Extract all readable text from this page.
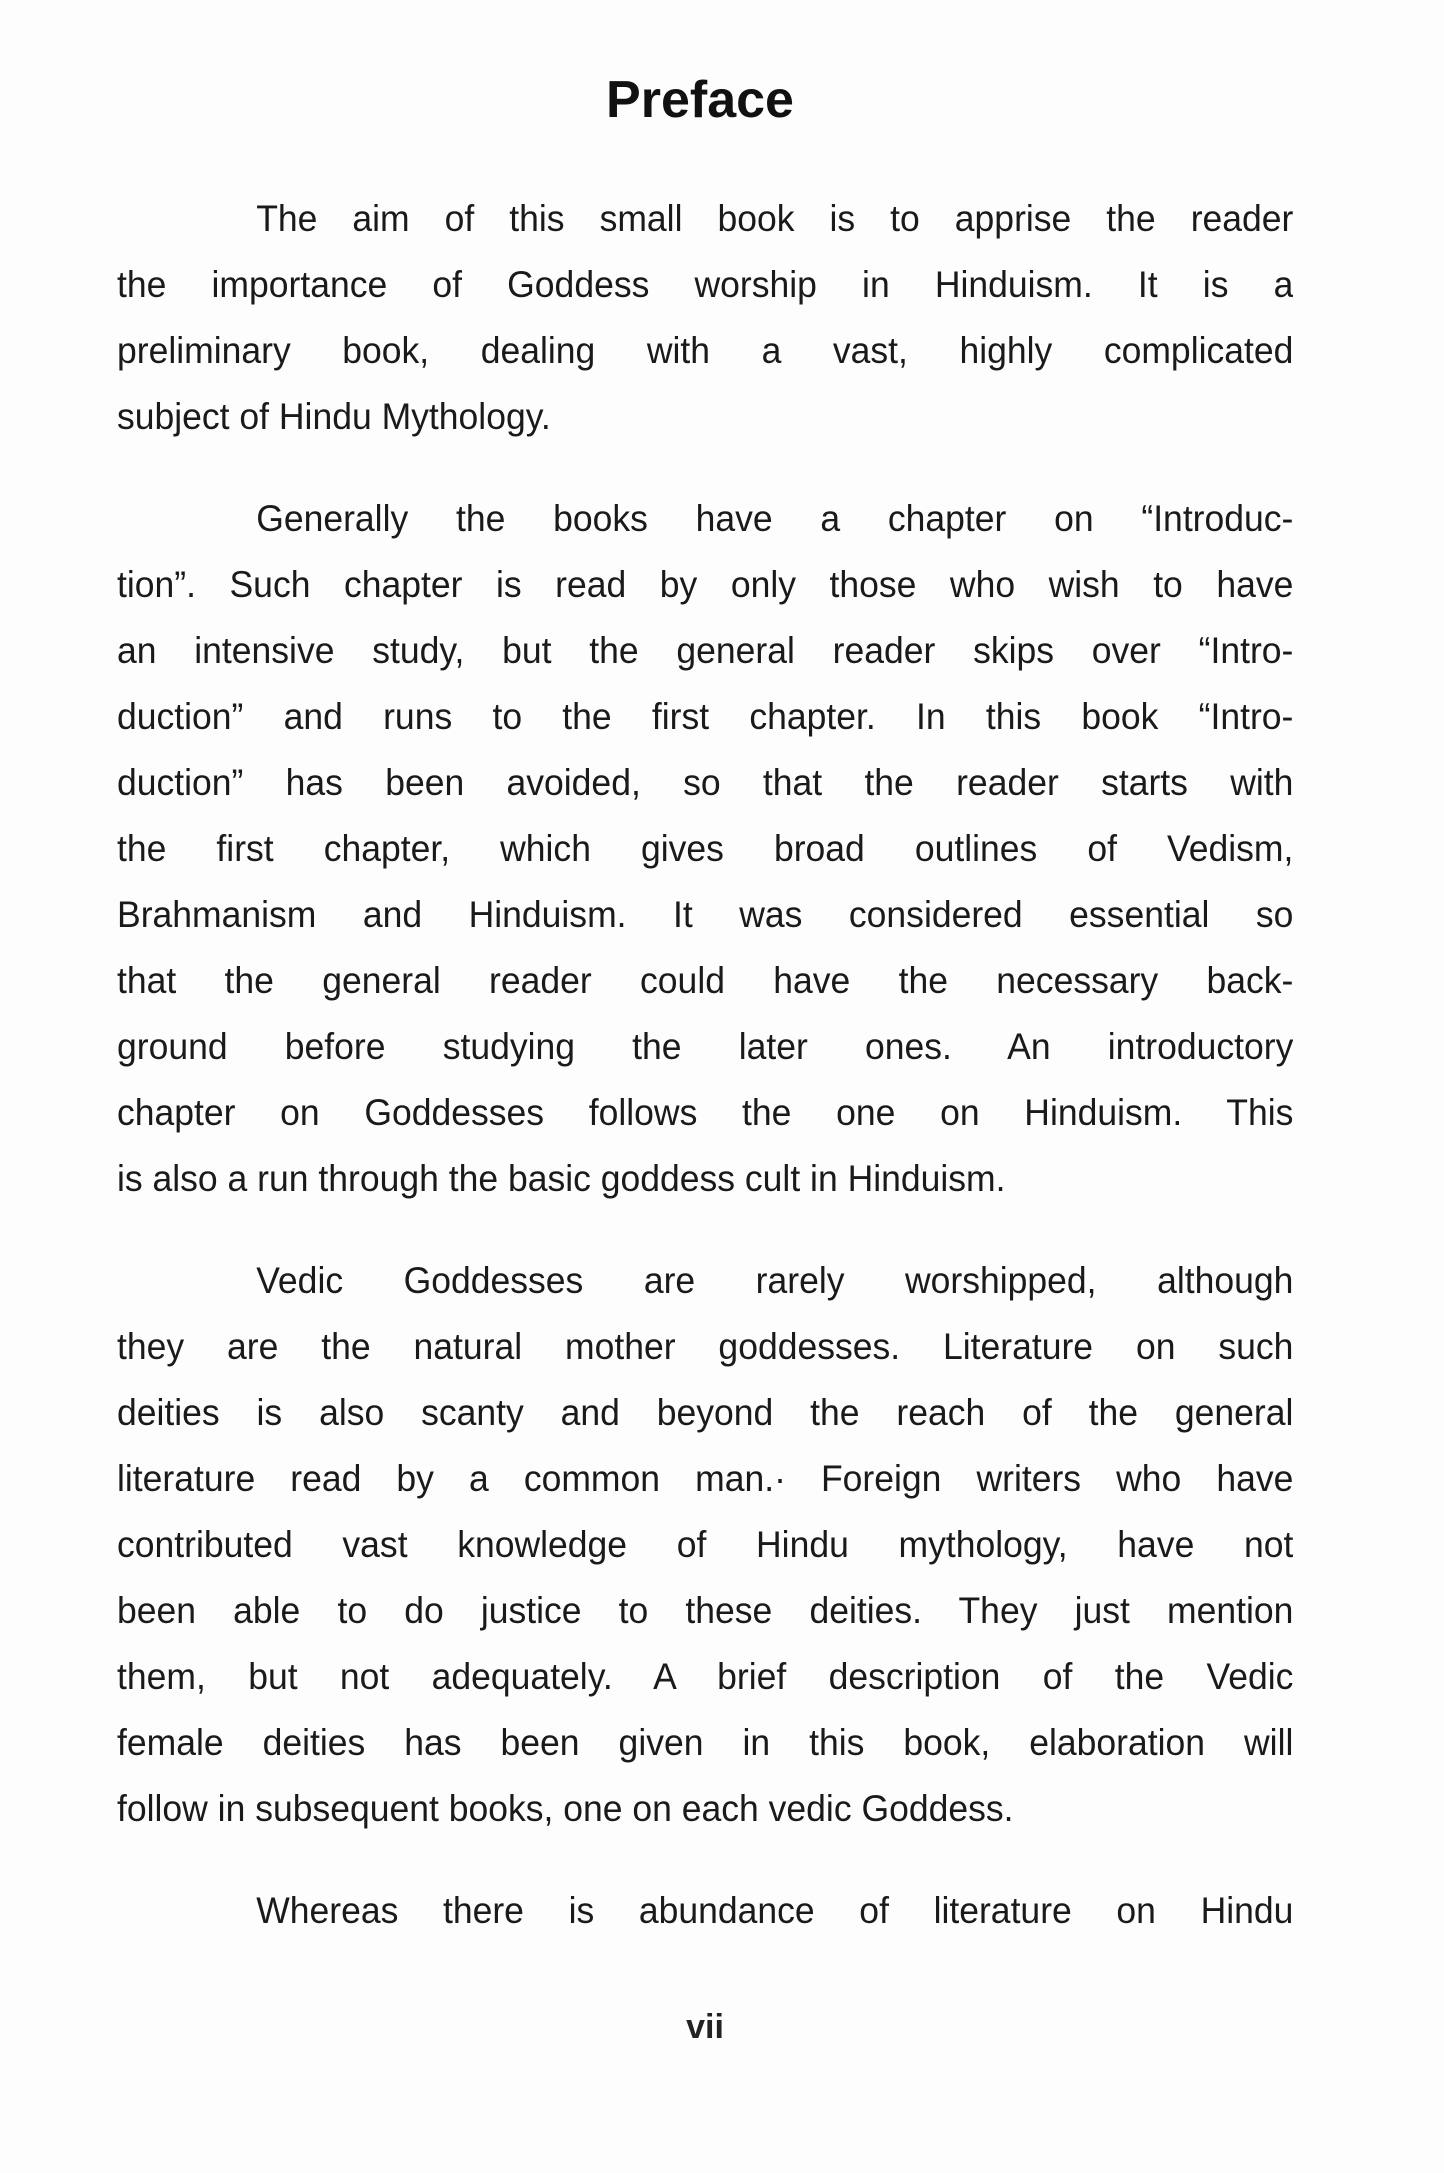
Preface
The aim of this small book is to apprise the reader
the importance of Goddess worship in Hinduism. It is a
preliminary book, dealing with a vast, highly complicated
subject of Hindu Mythology.
Generally the books have a chapter on “Introduc-
tion”. Such chapter is read by only those who wish to have
an intensive study, but the general reader skips over “Intro-
duction” and runs to the first chapter. In this book “Intro-
duction” has been avoided, so that the reader starts with
the first chapter, which gives broad outlines of Vedism,
Brahmanism and Hinduism. It was considered essential so
that the general reader could have the necessary back-
ground before studying the later ones. An introductory
chapter on Goddesses follows the one on Hinduism. This
is also a run through the basic goddess cult in Hinduism.
Vedic Goddesses are rarely worshipped, although
they are the natural mother goddesses. Literature on such
deities is also scanty and beyond the reach of the general
literature read by a common man.· Foreign writers who have
contributed vast knowledge of Hindu mythology, have not
been able to do justice to these deities. They just mention
them, but not adequately. A brief description of the Vedic
female deities has been given in this book, elaboration will
follow in subsequent books, one on each vedic Goddess.
Whereas there is abundance of literature on Hindu
vii
